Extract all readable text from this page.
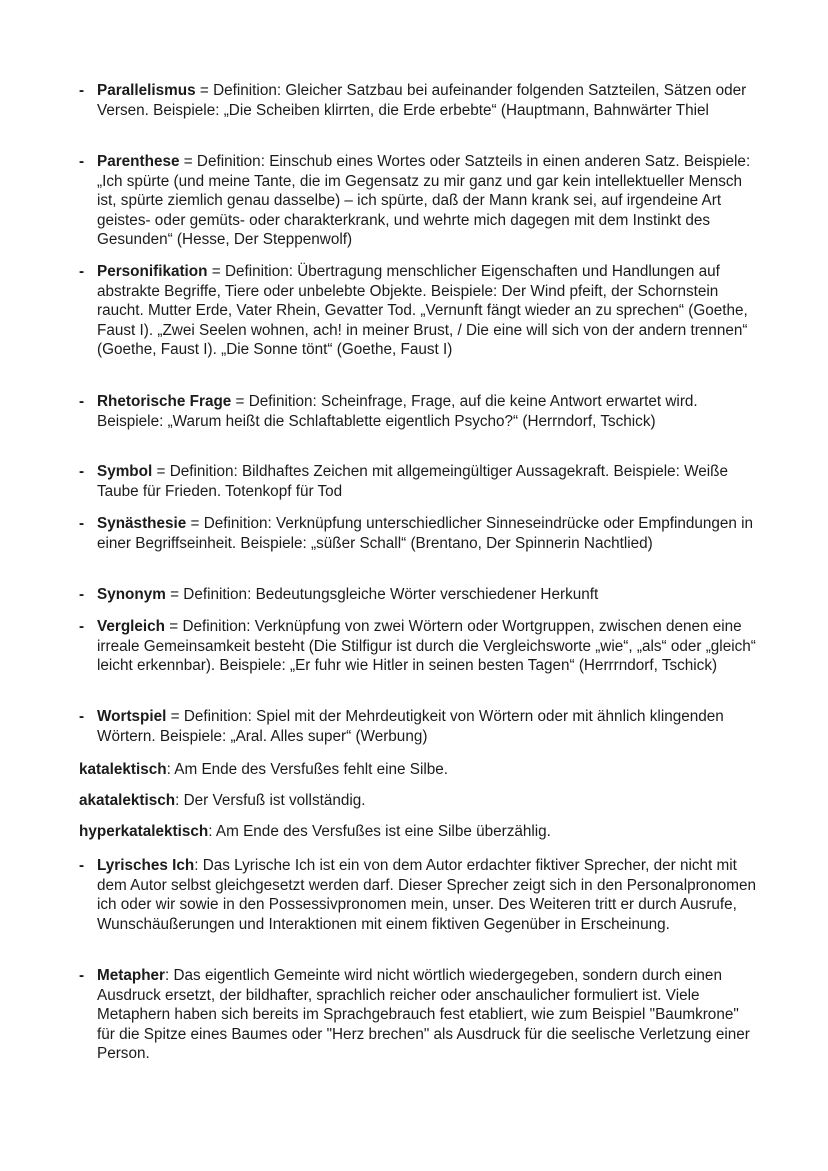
- Parallelismus = Definition: Gleicher Satzbau bei aufeinander folgenden Satzteilen, Sätzen oder Versen. Beispiele: „Die Scheiben klirrten, die Erde erbebte“ (Hauptmann, Bahnwärter Thiel
- Parenthese = Definition: Einschub eines Wortes oder Satzteils in einen anderen Satz. Beispiele:„Ich spürte (und meine Tante, die im Gegensatz zu mir ganz und gar kein intellektueller Mensch ist, spürte ziemlich genau dasselbe) – ich spürte, daß der Mann krank sei, auf irgendeine Art geistes- oder gemüts- oder charakterkrank, und wehrte mich dagegen mit dem Instinkt des Gesunden“ (Hesse, Der Steppenwolf)
- Personifikation = Definition: Übertragung menschlicher Eigenschaften und Handlungen auf abstrakte Begriffe, Tiere oder unbelebte Objekte. Beispiele: Der Wind pfeift, der Schornstein raucht. Mutter Erde, Vater Rhein, Gevatter Tod. „Vernunft fängt wieder an zu sprechen“ (Goethe, Faust I). „Zwei Seelen wohnen, ach! in meiner Brust, / Die eine will sich von der andern trennen“ (Goethe, Faust I). „Die Sonne tönt“ (Goethe, Faust I)
- Rhetorische Frage = Definition: Scheinfrage, Frage, auf die keine Antwort erwartet wird. Beispiele: „Warum heißt die Schlaftablette eigentlich Psycho?“ (Herrndorf, Tschick)
- Symbol = Definition: Bildhaftes Zeichen mit allgemeingültiger Aussagekraft. Beispiele: Weiße Taube für Frieden. Totenkopf für Tod
- Synästhesie = Definition: Verknüpfung unterschiedlicher Sinneseindrücke oder Empfindungen in einer Begriffseinheit. Beispiele: „süßer Schall“ (Brentano, Der Spinnerin Nachtlied)
- Synonym = Definition: Bedeutungsgleiche Wörter verschiedener Herkunft
- Vergleich = Definition: Verknüpfung von zwei Wörtern oder Wortgruppen, zwischen denen eine irreale Gemeinsamkeit besteht (Die Stilfigur ist durch die Vergleichsworte „wie“, „als“ oder „gleich“ leicht erkennbar). Beispiele: „Er fuhr wie Hitler in seinen besten Tagen“ (Herrrndorf, Tschick)
- Wortspiel = Definition: Spiel mit der Mehrdeutigkeit von Wörtern oder mit ähnlich klingenden Wörtern. Beispiele: „Aral. Alles super“ (Werbung)
katalektisch: Am Ende des Versfußes fehlt eine Silbe.
akatalektisch: Der Versfuß ist vollständig.
hyperkatalektisch: Am Ende des Versfußes ist eine Silbe überzählig.
- Lyrisches Ich: Das Lyrische Ich ist ein von dem Autor erdachter fiktiver Sprecher, der nicht mit dem Autor selbst gleichgesetzt werden darf. Dieser Sprecher zeigt sich in den Personalpronomen ich oder wir sowie in den Possessivpronomen mein, unser. Des Weiteren tritt er durch Ausrufe, Wunschäußerungen und Interaktionen mit einem fiktiven Gegenüber in Erscheinung.
- Metapher: Das eigentlich Gemeinte wird nicht wörtlich wiedergegeben, sondern durch einen Ausdruck ersetzt, der bildhafter, sprachlich reicher oder anschaulicher formuliert ist. Viele Metaphern haben sich bereits im Sprachgebrauch fest etabliert, wie zum Beispiel "Baumkrone" für die Spitze eines Baumes oder "Herz brechen" als Ausdruck für die seelische Verletzung einer Person.
